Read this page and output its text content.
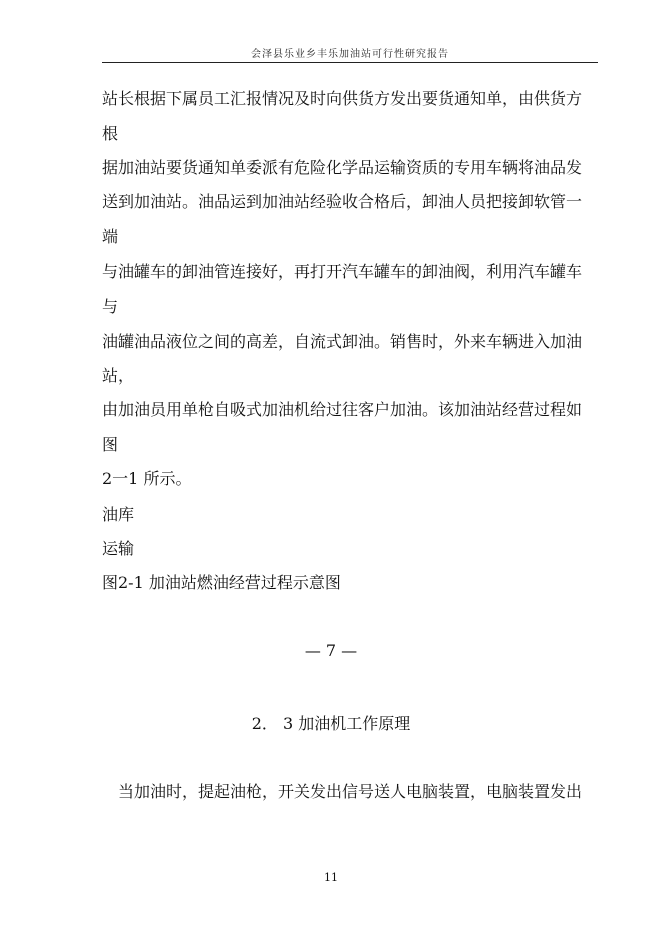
会泽县乐业乡丰乐加油站可行性研究报告
站长根据下属员工汇报情况及时向供货方发出要货通知单，由供货方
根
据加油站要货通知单委派有危险化学品运输资质的专用车辆将油品发
送到加油站。油品运到加油站经验收合格后，卸油人员把接卸软管一
端
与油罐车的卸油管连接好，再打开汽车罐车的卸油阀，利用汽车罐车
与
油罐油品液位之间的高差，自流式卸油。销售时，外来车辆进入加油
站，
由加油员用单枪自吸式加油机给过往客户加油。该加油站经营过程如
图
2一1 所示。
油库
运输
图2-1 加油站燃油经营过程示意图
— 7 —
2． 3 加油机工作原理
当加油时，提起油枪，开关发出信号送人电脑装置，电脑装置发出
11
